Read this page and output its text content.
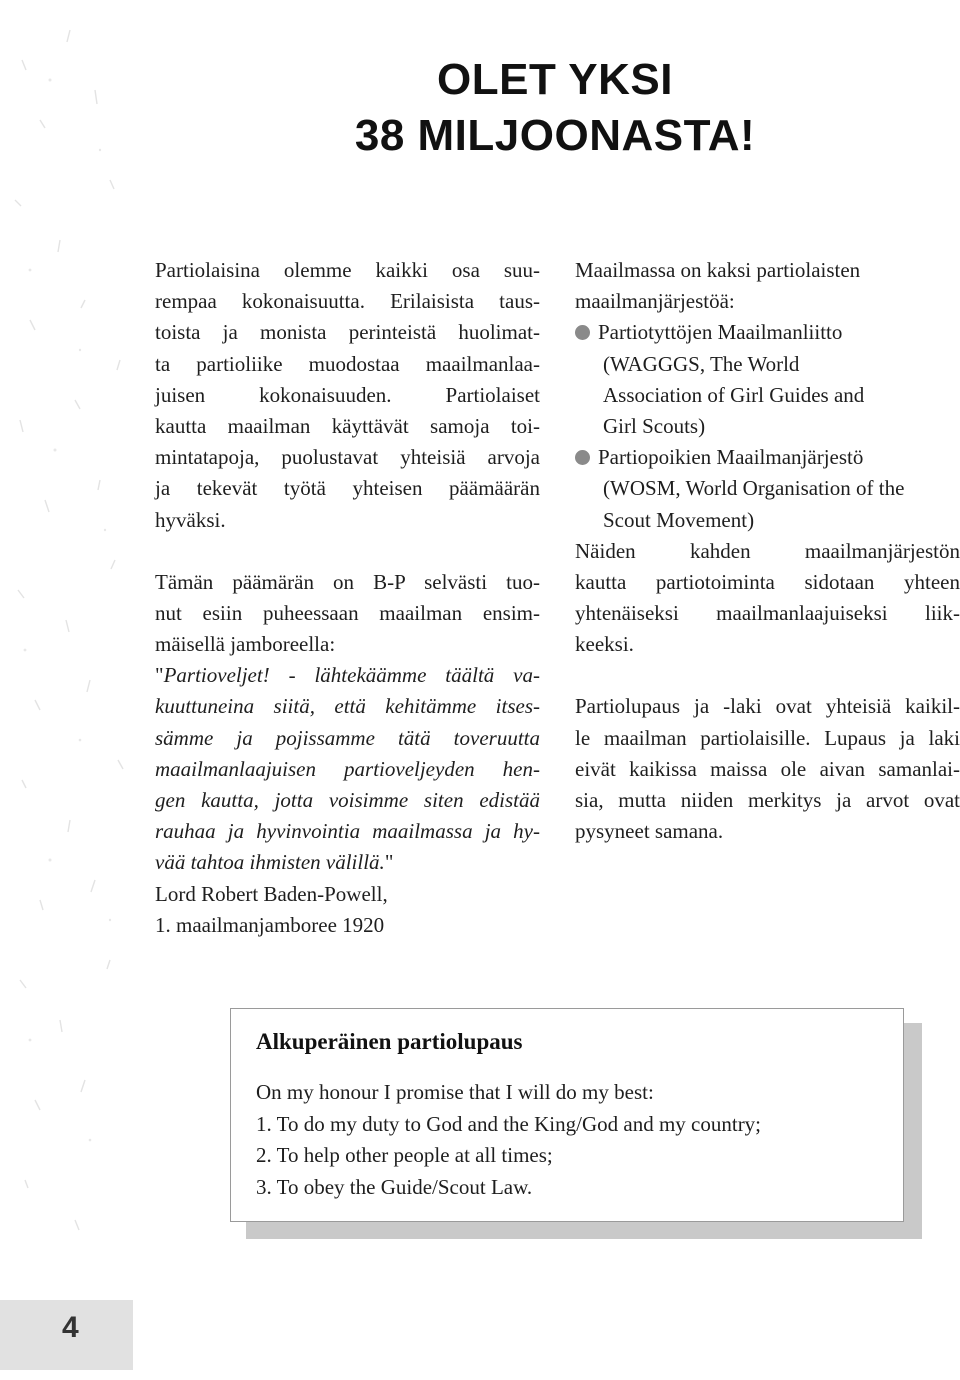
OLET YKSI
38 MILJOONASTA!
Partiolaisina olemme kaikki osa suu-
rempaa kokonaisuutta. Erilaisista taus-
toista ja monista perinteistä huolimat-
ta partioliike muodostaa maailmanlaa-
juisen kokonaisuuden. Partiolaiset
kautta maailman käyttävät samoja toi-
mintatapoja, puolustavat yhteisiä arvoja
ja tekevät työtä yhteisen päämäärän
hyväksi.
Tämän päämärän on B-P selvästi tuo-
nut esiin puheessaan maailman ensim-
mäisellä jamboreella:
"Partioveljet! - lähtekäämme täältä va-
kuuttuneina siitä, että kehitämme itses-
sämme ja pojissamme tätä toveruutta
maailmanlaajuisen partioveljeyden hen-
gen kautta, jotta voisimme siten edistää
rauhaa ja hyvinvointia maailmassa ja hy-
vää tahtoa ihmisten välillä."
Lord Robert Baden-Powell,
1. maailmanjamboree 1920
Maailmassa on kaksi partiolaisten
maailmanjärjestöä:
Partiotyttöjen Maailmanliitto
(WAGGGS, The World
Association of Girl Guides and
Girl Scouts)
Partiopoikien Maailmanjärjestö
(WOSM, World Organisation of the
Scout Movement)
Näiden kahden maailmanjärjestön
kautta partiotoiminta sidotaan yhteen
yhtenäiseksi maailmanlaajuiseksi liik-
keeksi.
Partiolupaus ja -laki ovat yhteisiä kaikil-
le maailman partiolaisille. Lupaus ja laki
eivät kaikissa maissa ole aivan samanlai-
sia, mutta niiden merkitys ja arvot ovat
pysyneet samana.
Alkuperäinen partiolupaus
On my honour I promise that I will do my best:
1. To do my duty to God and the King/God and my country;
2. To help other people at all times;
3. To obey the Guide/Scout Law.
4
